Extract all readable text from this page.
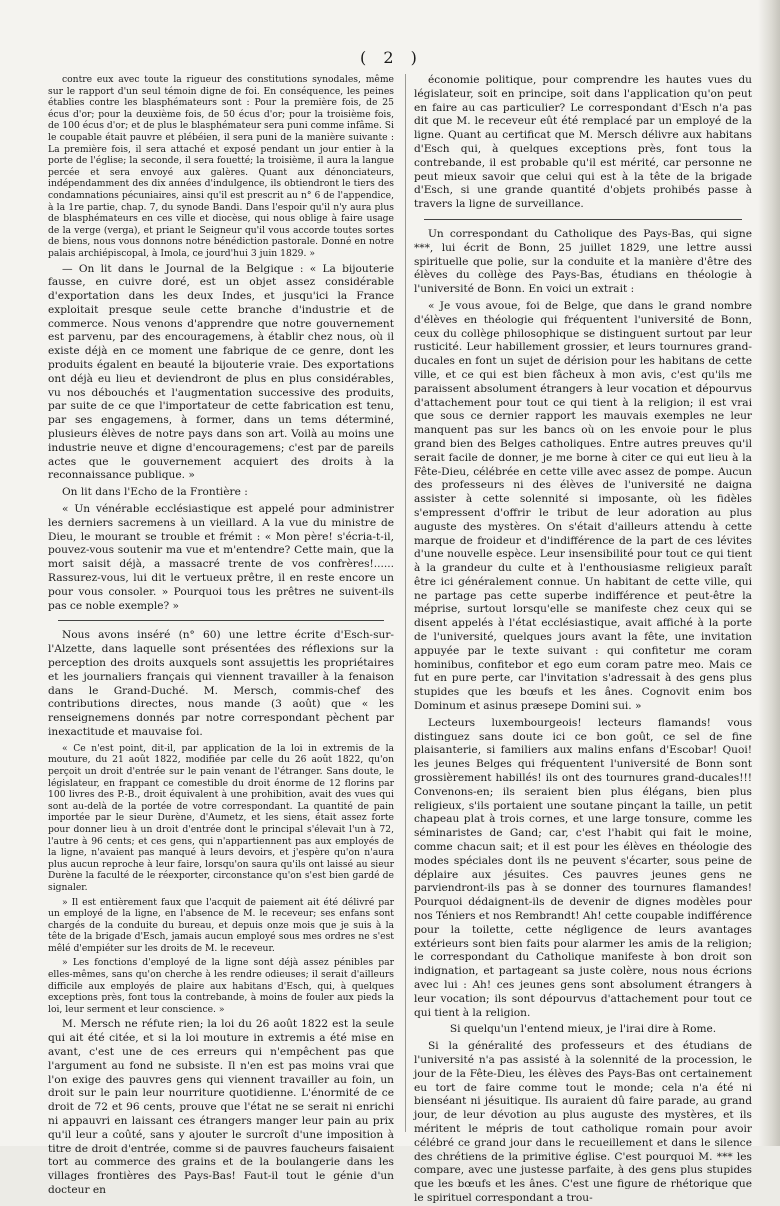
( 2 )

contre eux avec toute la rigueur des constitutions synodales, même sur le rapport d'un seul témoin digne de foi. En conséquence, les peines établies contre les blasphémateurs sont : Pour la première fois, de 25 écus d'or; pour la deuxième fois, de 50 écus d'or; pour la troisième fois, de 100 écus d'or; et de plus le blasphémateur sera puni comme infâme. Si le coupable était pauvre et plébéien, il sera puni de la manière suivante : La première fois, il sera attaché et exposé pendant un jour entier à la porte de l'église; la seconde, il sera fouetté; la troisième, il aura la langue percée et sera envoyé aux galères. Quant aux dénonciateurs, indépendamment des dix années d'indulgence, ils obtiendront le tiers des condamnations pécuniaires, ainsi qu'il est prescrit au n° 6 de l'appendice, à la 1re partie, chap. 7, du synode Bandi. Dans l'espoir qu'il n'y aura plus de blasphémateurs en ces ville et diocèse, qui nous oblige à faire usage de la verge (verga), et priant le Seigneur qu'il vous accorde toutes sortes de biens, nous vous donnons notre bénédiction pastorale. Donné en notre palais archiépiscopal, à Imola, ce jourd'hui 3 juin 1829. »

— On lit dans le Journal de la Belgique : « La bijouterie fausse, en cuivre doré, est un objet assez considérable d'exportation dans les deux Indes, et jusqu'ici la France exploitait presque seule cette branche d'industrie et de commerce. Nous venons d'apprendre que notre gouvernement est parvenu, par des encouragemens, à établir chez nous, où il existe déjà en ce moment une fabrique de ce genre, dont les produits égalent en beauté la bijouterie vraie. Des exportations ont déjà eu lieu et deviendront de plus en plus considérables, vu nos débouchés et l'augmentation successive des produits, par suite de ce que l'importateur de cette fabrication est tenu, par ses engagemens, à former, dans un tems déterminé, plusieurs élèves de notre pays dans son art. Voilà au moins une industrie neuve et digne d'encouragemens; c'est par de pareils actes que le gouvernement acquiert des droits à la reconnaissance publique. »

On lit dans l'Echo de la Frontière :

« Un vénérable ecclésiastique est appelé pour administrer les derniers sacremens à un vieillard. A la vue du ministre de Dieu, le mourant se trouble et frémit : « Mon père! s'écria-t-il, pouvez-vous soutenir ma vue et m'entendre? Cette main, que la mort saisit déjà, a massacré trente de vos confrères!...... Rassurez-vous, lui dit le vertueux prêtre, il en reste encore un pour vous consoler. » Pourquoi tous les prêtres ne suivent-ils pas ce noble exemple? »

Nous avons inséré (n° 60) une lettre écrite d'Esch-sur-l'Alzette, dans laquelle sont présentées des réflexions sur la perception des droits auxquels sont assujettis les propriétaires et les journaliers français qui viennent travailler à la fenaison dans le Grand-Duché. M. Mersch, commis-chef des contributions directes, nous mande (3 août) que « les renseignemens donnés par notre correspondant pèchent par inexactitude et mauvaise foi.

« Ce n'est point, dit-il, par application de la loi in extremis de la mouture, du 21 août 1822, modifiée par celle du 26 août 1822, qu'on perçoit un droit d'entrée sur le pain venant de l'étranger. Sans doute, le législateur, en frappant ce comestible du droit énorme de 12 florins par 100 livres des P.-B., droit équivalent à une prohibition, avait des vues qui sont au-delà de la portée de votre correspondant. La quantité de pain importée par le sieur Durène, d'Aumetz, et les siens, était assez forte pour donner lieu à un droit d'entrée dont le principal s'élevait l'un à 72, l'autre à 96 cents; et ces gens, qui n'appartiennent pas aux employés de la ligne, n'avaient pas manqué à leurs devoirs, et j'espère qu'on n'aura plus aucun reproche à leur faire, lorsqu'on saura qu'ils ont laissé au sieur Durène la faculté de le réexporter, circonstance qu'on s'est bien gardé de signaler.

» Il est entièrement faux que l'acquit de paiement ait été délivré par un employé de la ligne, en l'absence de M. le receveur; ses enfans sont chargés de la conduite du bureau, et depuis onze mois que je suis à la tête de la brigade d'Esch, jamais aucun employé sous mes ordres ne s'est mêlé d'empiéter sur les droits de M. le receveur.

» Les fonctions d'employé de la ligne sont déjà assez pénibles par elles-mêmes, sans qu'on cherche à les rendre odieuses; il serait d'ailleurs difficile aux employés de plaire aux habitans d'Esch, qui, à quelques exceptions près, font tous la contrebande, à moins de fouler aux pieds la loi, leur serment et leur conscience. »

M. Mersch ne réfute rien; la loi du 26 août 1822 est la seule qui ait été citée, et si la loi mouture in extremis a été mise en avant, c'est une de ces erreurs qui n'empêchent pas que l'argument au fond ne subsiste. Il n'en est pas moins vrai que l'on exige des pauvres gens qui viennent travailler au foin, un droit sur le pain leur nourriture quotidienne. L'énormité de ce droit de 72 et 96 cents, prouve que l'état ne se serait ni enrichi ni appauvri en laissant ces étrangers manger leur pain au prix qu'il leur a coûté, sans y ajouter le surcroît d'une imposition à titre de droit d'entrée, comme si de pauvres faucheurs faisaient tort au commerce des grains et de la boulangerie dans les villages frontières des Pays-Bas! Faut-il tout le génie d'un docteur en

économie politique, pour comprendre les hautes vues du législateur, soit en principe, soit dans l'application qu'on peut en faire au cas particulier? Le correspondant d'Esch n'a pas dit que M. le receveur eût été remplacé par un employé de la ligne. Quant au certificat que M. Mersch délivre aux habitans d'Esch qui, à quelques exceptions près, font tous la contrebande, il est probable qu'il est mérité, car personne ne peut mieux savoir que celui qui est à la tête de la brigade d'Esch, si une grande quantité d'objets prohibés passe à travers la ligne de surveillance.

Un correspondant du Catholique des Pays-Bas, qui signe ***, lui écrit de Bonn, 25 juillet 1829, une lettre aussi spirituelle que polie, sur la conduite et la manière d'être des élèves du collège des Pays-Bas, étudians en théologie à l'université de Bonn. En voici un extrait :

« Je vous avoue, foi de Belge, que dans le grand nombre d'élèves en théologie qui fréquentent l'université de Bonn, ceux du collège philosophique se distinguent surtout par leur rusticité. Leur habillement grossier, et leurs tournures grand-ducales en font un sujet de dérision pour les habitans de cette ville, et ce qui est bien fâcheux à mon avis, c'est qu'ils me paraissent absolument étrangers à leur vocation et dépourvus d'attachement pour tout ce qui tient à la religion; il est vrai que sous ce dernier rapport les mauvais exemples ne leur manquent pas sur les bancs où on les envoie pour le plus grand bien des Belges catholiques. Entre autres preuves qu'il serait facile de donner, je me borne à citer ce qui eut lieu à la Fête-Dieu, célébrée en cette ville avec assez de pompe. Aucun des professeurs ni des élèves de l'université ne daigna assister à cette solennité si imposante, où les fidèles s'empressent d'offrir le tribut de leur adoration au plus auguste des mystères. On s'était d'ailleurs attendu à cette marque de froideur et d'indifférence de la part de ces lévites d'une nouvelle espèce. Leur insensibilité pour tout ce qui tient à la grandeur du culte et à l'enthousiasme religieux paraît être ici généralement connue. Un habitant de cette ville, qui ne partage pas cette superbe indifférence et peut-être la méprise, surtout lorsqu'elle se manifeste chez ceux qui se disent appelés à l'état ecclésiastique, avait affiché à la porte de l'université, quelques jours avant la fête, une invitation appuyée par le texte suivant : qui confitetur me coram hominibus, confitebor et ego eum coram patre meo. Mais ce fut en pure perte, car l'invitation s'adressait à des gens plus stupides que les bœufs et les ânes. Cognovit enim bos Dominum et asinus præsepe Domini sui. »

Lecteurs luxembourgeois! lecteurs flamands! vous distinguez sans doute ici ce bon goût, ce sel de fine plaisanterie, si familiers aux malins enfans d'Escobar! Quoi! les jeunes Belges qui fréquentent l'université de Bonn sont grossièrement habillés! ils ont des tournures grand-ducales!!! Convenons-en; ils seraient bien plus élégans, bien plus religieux, s'ils portaient une soutane pinçant la taille, un petit chapeau plat à trois cornes, et une large tonsure, comme les séminaristes de Gand; car, c'est l'habit qui fait le moine, comme chacun sait; et il est pour les élèves en théologie des modes spéciales dont ils ne peuvent s'écarter, sous peine de déplaire aux jésuites. Ces pauvres jeunes gens ne parviendront-ils pas à se donner des tournures flamandes! Pourquoi dédaignent-ils de devenir de dignes modèles pour nos Téniers et nos Rembrandt! Ah! cette coupable indifférence pour la toilette, cette négligence de leurs avantages extérieurs sont bien faits pour alarmer les amis de la religion; le correspondant du Catholique manifeste à bon droit son indignation, et partageant sa juste colère, nous nous écrions avec lui : Ah! ces jeunes gens sont absolument étrangers à leur vocation; ils sont dépourvus d'attachement pour tout ce qui tient à la religion.

Si quelqu'un l'entend mieux, je l'irai dire à Rome.

Si la généralité des professeurs et des étudians de l'université n'a pas assisté à la solennité de la procession, le jour de la Fête-Dieu, les élèves des Pays-Bas ont certainement eu tort de faire comme tout le monde; cela n'a été ni bienséant ni jésuitique. Ils auraient dû faire parade, au grand jour, de leur dévotion au plus auguste des mystères, et ils méritent le mépris de tout catholique romain pour avoir célébré ce grand jour dans le recueillement et dans le silence des chrétiens de la primitive église. C'est pourquoi M. *** les compare, avec une justesse parfaite, à des gens plus stupides que les bœufs et les ânes. C'est une figure de rhétorique que le spirituel correspondant a trou-
